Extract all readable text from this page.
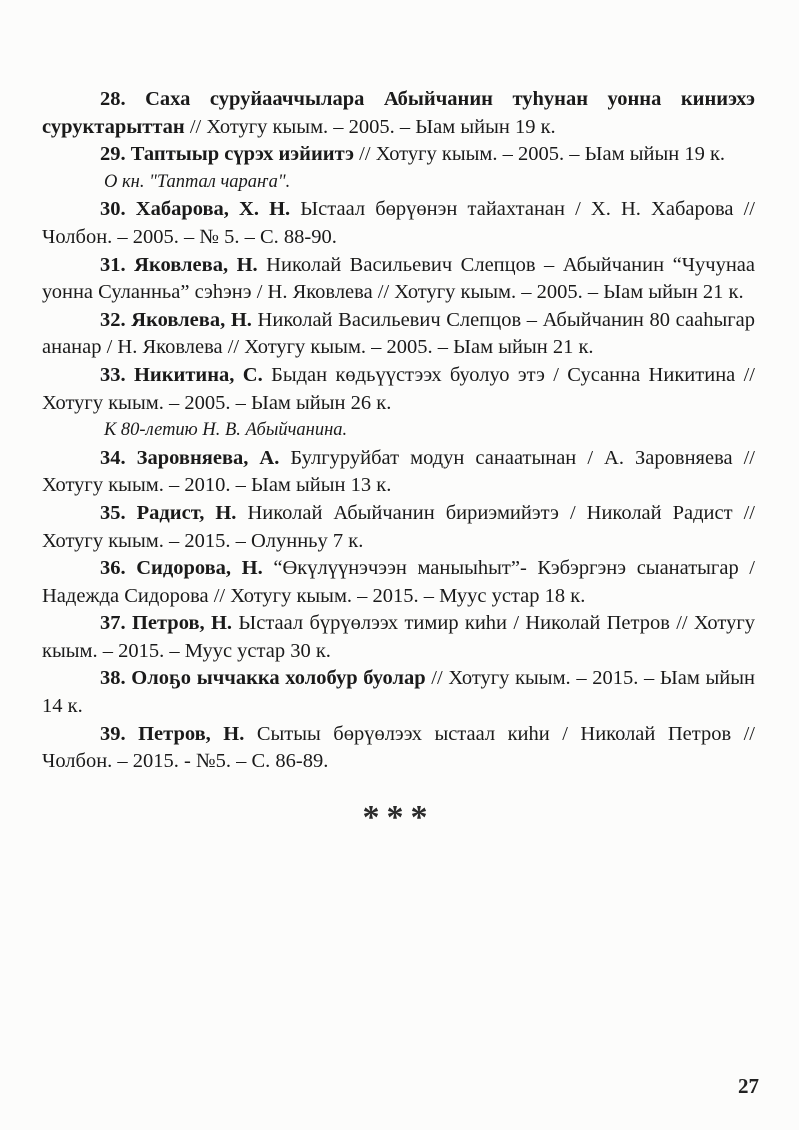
28. Саха суруйааччылара Абыйчанин туһунан уонна киниэхэ суруктарыттан // Хотугу кыым. – 2005. – Ыам ыйын 19 к.

29. Таптыыр сүрэх иэйиитэ // Хотугу кыым. – 2005. – Ыам ыйын 19 к.

О кн. "Таптал чараҥа".

30. Хабарова, Х. Н. Ыстаал бөрүөнэн тайахтанан / Х. Н. Хабарова // Чолбон. – 2005. – № 5. – С. 88-90.

31. Яковлева, Н. Николай Васильевич Слепцов – Абыйчанин “Чучунаа уонна Суланньа” сэһэнэ / Н. Яковлева // Хотугу кыым. – 2005. – Ыам ыйын 21 к.

32. Яковлева, Н. Николай Васильевич Слепцов – Абыйчанин 80 сааһыгар ананар / Н. Яковлева // Хотугу кыым. – 2005. – Ыам ыйын 21 к.

33. Никитина, С. Быдан көдьүүстээх буолуо этэ / Сусанна Никитина // Хотугу кыым. – 2005. – Ыам ыйын 26 к.

К 80-летию Н. В. Абыйчанина.

34. Заровняева, А. Булгуруйбат модун санаатынан / А. Заровняева // Хотугу кыым. – 2010. – Ыам ыйын 13 к.

35. Радист, Н. Николай Абыйчанин бириэмийэтэ / Николай Радист // Хотугу кыым. – 2015. – Олунньу 7 к.

36. Сидорова, Н. “Өкүлүүнэчээн маныыһыт”- Кэбэргэнэ сыанатыгар / Надежда Сидорова // Хотугу кыым. – 2015. – Муус устар 18 к.

37. Петров, Н. Ыстаал бүрүөлээх тимир киһи / Николай Петров // Хотугу кыым. – 2015. – Муус устар 30 к.

38. Олоҕо ыччакка холобур буолар // Хотугу кыым. – 2015. – Ыам ыйын 14 к.

39. Петров, Н. Сытыы бөрүөлээх ыстаал киһи / Николай Петров // Чолбон. – 2015. - №5. – С. 86-89.

***
27
